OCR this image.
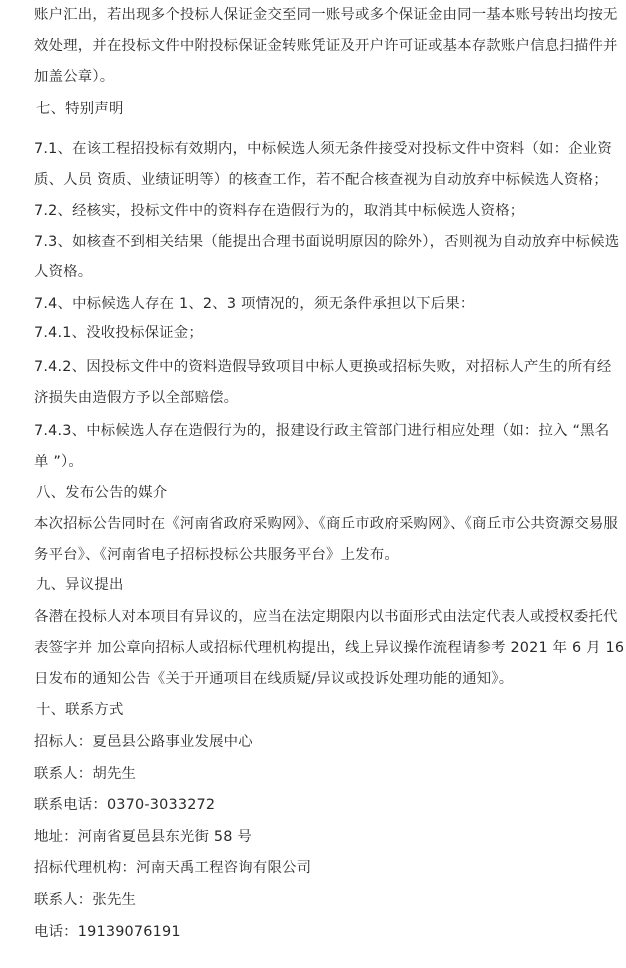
账户汇出，若出现多个投标人保证金交至同一账号或多个保证金由同一基本账号转出均按无
效处理，并在投标文件中附投标保证金转账凭证及开户许可证或基本存款账户信息扫描件并
加盖公章）。
七、特别声明
7.1、在该工程招投标有效期内，中标候选人须无条件接受对投标文件中资料（如：企业资
质、人员 资质、业绩证明等）的核查工作，若不配合核查视为自动放弃中标候选人资格；
7.2、经核实，投标文件中的资料存在造假行为的，取消其中标候选人资格；
7.3、如核查不到相关结果（能提出合理书面说明原因的除外），否则视为自动放弃中标候选
人资格。
7.4、中标候选人存在 1、2、3 项情况的，须无条件承担以下后果：
7.4.1、没收投标保证金；
7.4.2、因投标文件中的资料造假导致项目中标人更换或招标失败，对招标人产生的所有经
济损失由造假方予以全部赔偿。
7.4.3、中标候选人存在造假行为的，报建设行政主管部门进行相应处理（如：拉入 “黑名
单 ”）。
八、发布公告的媒介
本次招标公告同时在《河南省政府采购网》、《商丘市政府采购网》、《商丘市公共资源交易服
务平台》、《河南省电子招标投标公共服务平台》上发布。
九、异议提出
各潜在投标人对本项目有异议的，应当在法定期限内以书面形式由法定代表人或授权委托代
表签字并 加公章向招标人或招标代理机构提出，线上异议操作流程请参考 2021 年 6 月 16
日发布的通知公告《关于开通项目在线质疑/异议或投诉处理功能的通知》。
十、联系方式
招标人：夏邑县公路事业发展中心
联系人：胡先生
联系电话：0370-3033272
地址：河南省夏邑县东光街 58 号
招标代理机构：河南天禹工程咨询有限公司
联系人：张先生
电话：19139076191
